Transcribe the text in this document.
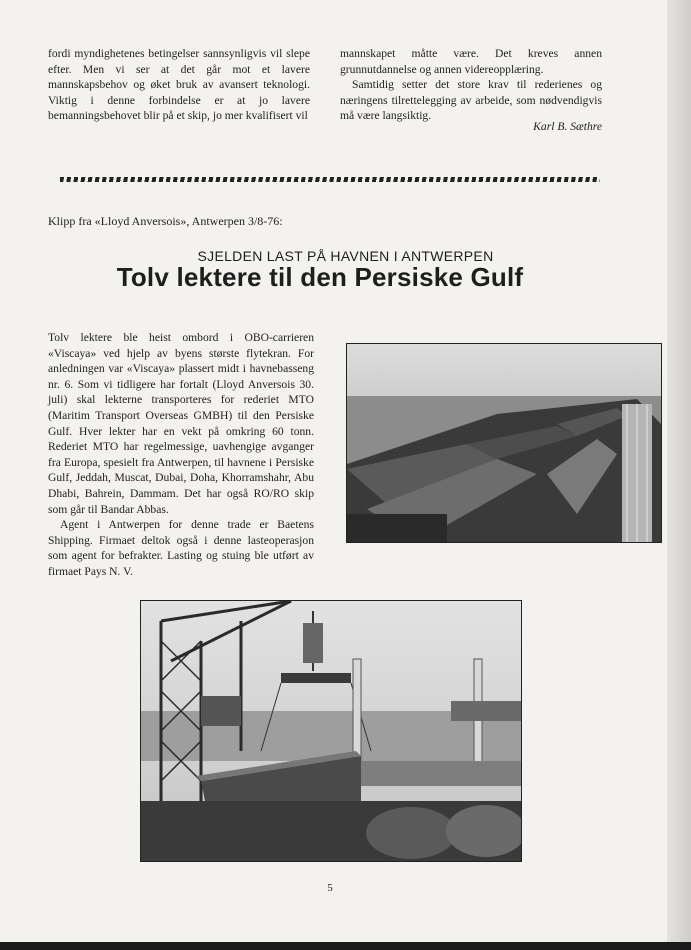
fordi myndighetenes betingelser sannsynligvis vil slepe efter. Men vi ser at det går mot et lavere mannskapsbehov og øket bruk av avansert teknologi. Viktig i denne forbindelse er at jo lavere bemanningsbehovet blir på et skip, jo mer kvalifisert vil

mannskapet måtte være. Det kreves annen grunnutdannelse og annen videreopplæring.

Samtidig setter det store krav til rederienes og næringens tilrettelegging av arbeide, som nødvendigvis må være langsiktig.

Karl B. Sæthre
Klipp fra «Lloyd Anversois», Antwerpen 3/8-76:
SJELDEN LAST PÅ HAVNEN I ANTWERPEN
Tolv lektere til den Persiske Gulf

Tolv lektere ble heist ombord i OBO-carrieren «Viscaya» ved hjelp av byens største flytekran. For anledningen var «Viscaya» plassert midt i havnebasseng nr. 6. Som vi tidligere har fortalt (Lloyd Anversois 30. juli) skal lekterne transporteres for rederiet MTO (Maritim Transport Overseas GMBH) til den Persiske Gulf. Hver lekter har en vekt på omkring 60 tonn. Rederiet MTO har regelmessige, uavhengige avganger fra Europa, spesielt fra Antwerpen, til havnene i Persiske Gulf, Jeddah, Muscat, Dubai, Doha, Khorramshahr, Abu Dhabi, Bahrein, Dammam. Det har også RO/RO skip som går til Bandar Abbas.

Agent i Antwerpen for denne trade er Baetens Shipping. Firmaet deltok også i denne lasteoperasjon som agent for befrakter. Lasting og stuing ble utført av firmaet Pays N. V.

5
